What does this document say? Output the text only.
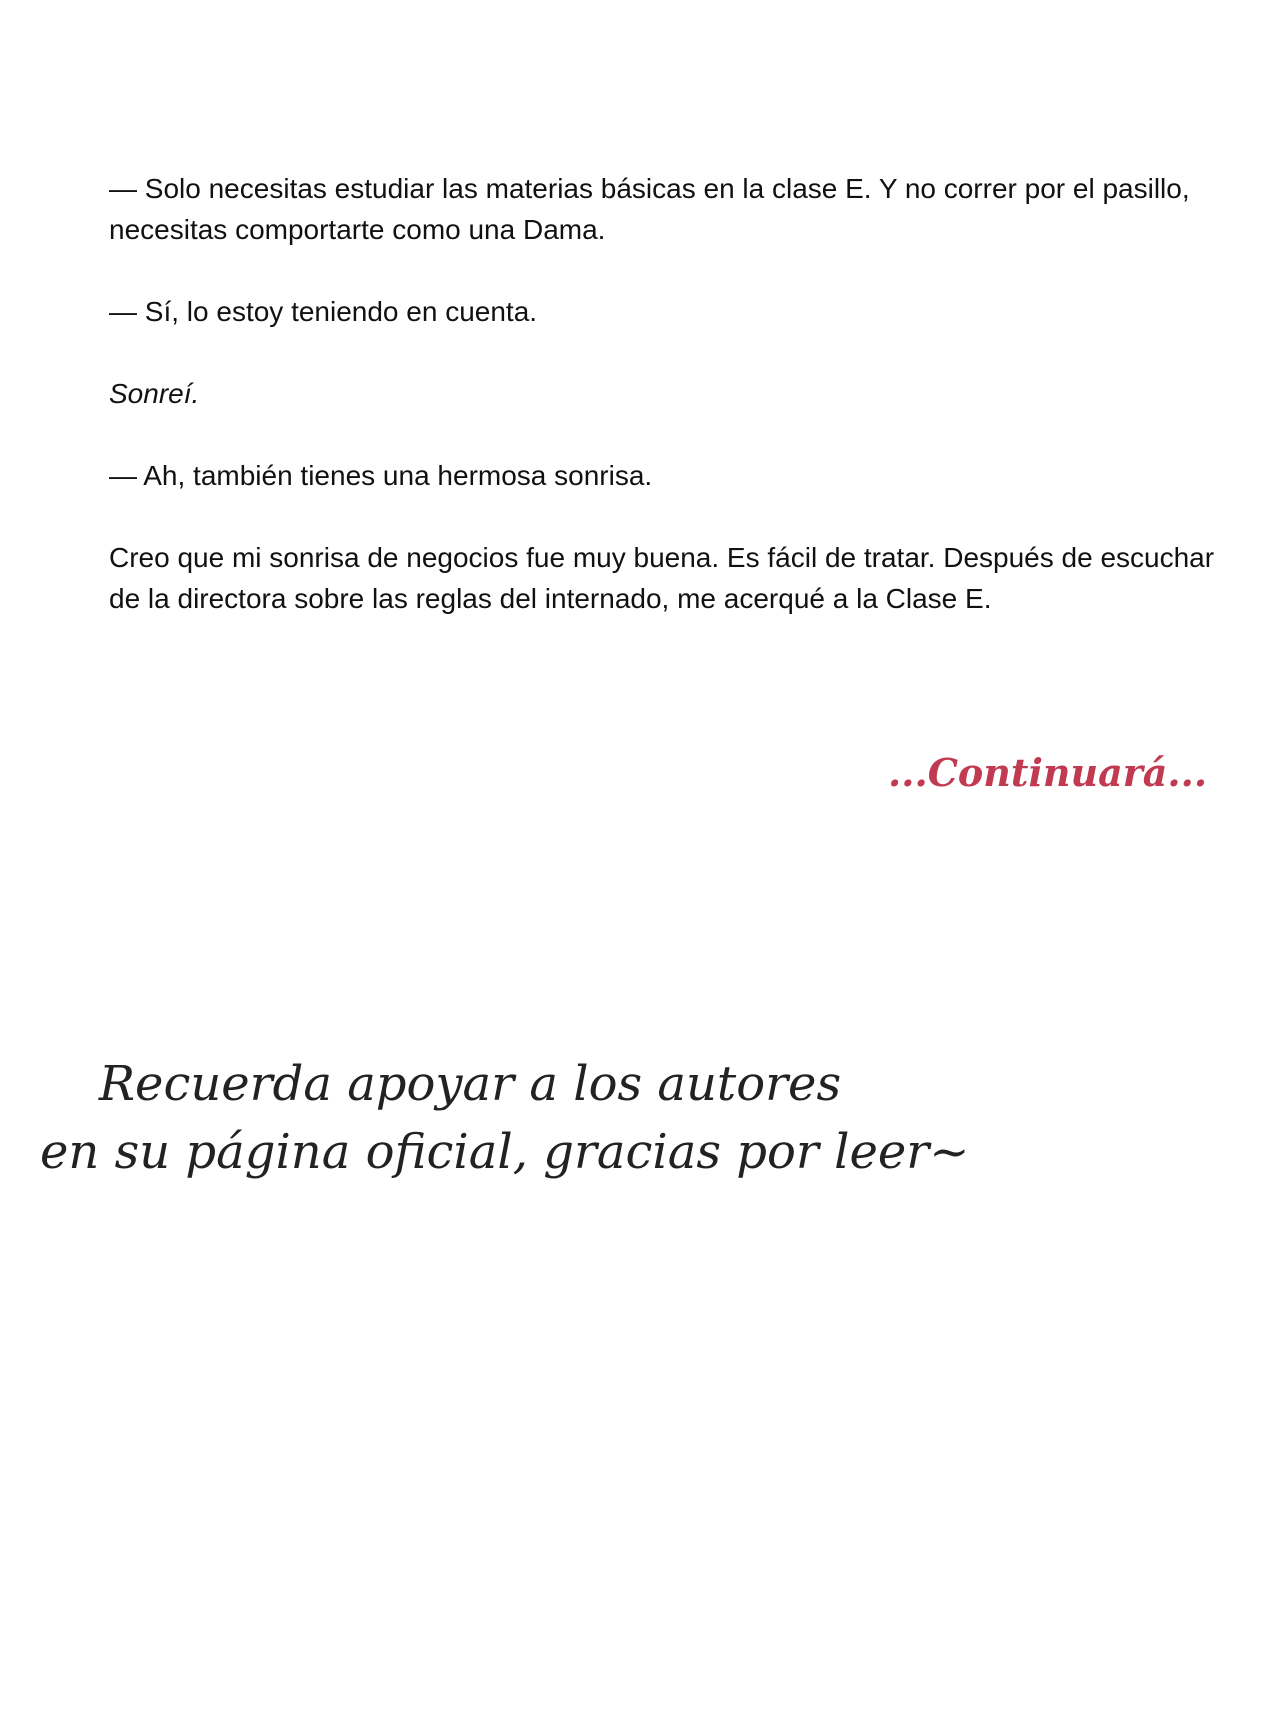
— Solo necesitas estudiar las materias básicas en la clase E. Y no correr por el pasillo, necesitas comportarte como una Dama.

— Sí, lo estoy teniendo en cuenta.

Sonreí.

— Ah, también tienes una hermosa sonrisa.

Creo que mi sonrisa de negocios fue muy buena. Es fácil de tratar. Después de escuchar de la directora sobre las reglas del internado, me acerqué a la Clase E.

...Continuará...
Recuerda apoyar a los autores
en su página oficial, gracias por leer~
